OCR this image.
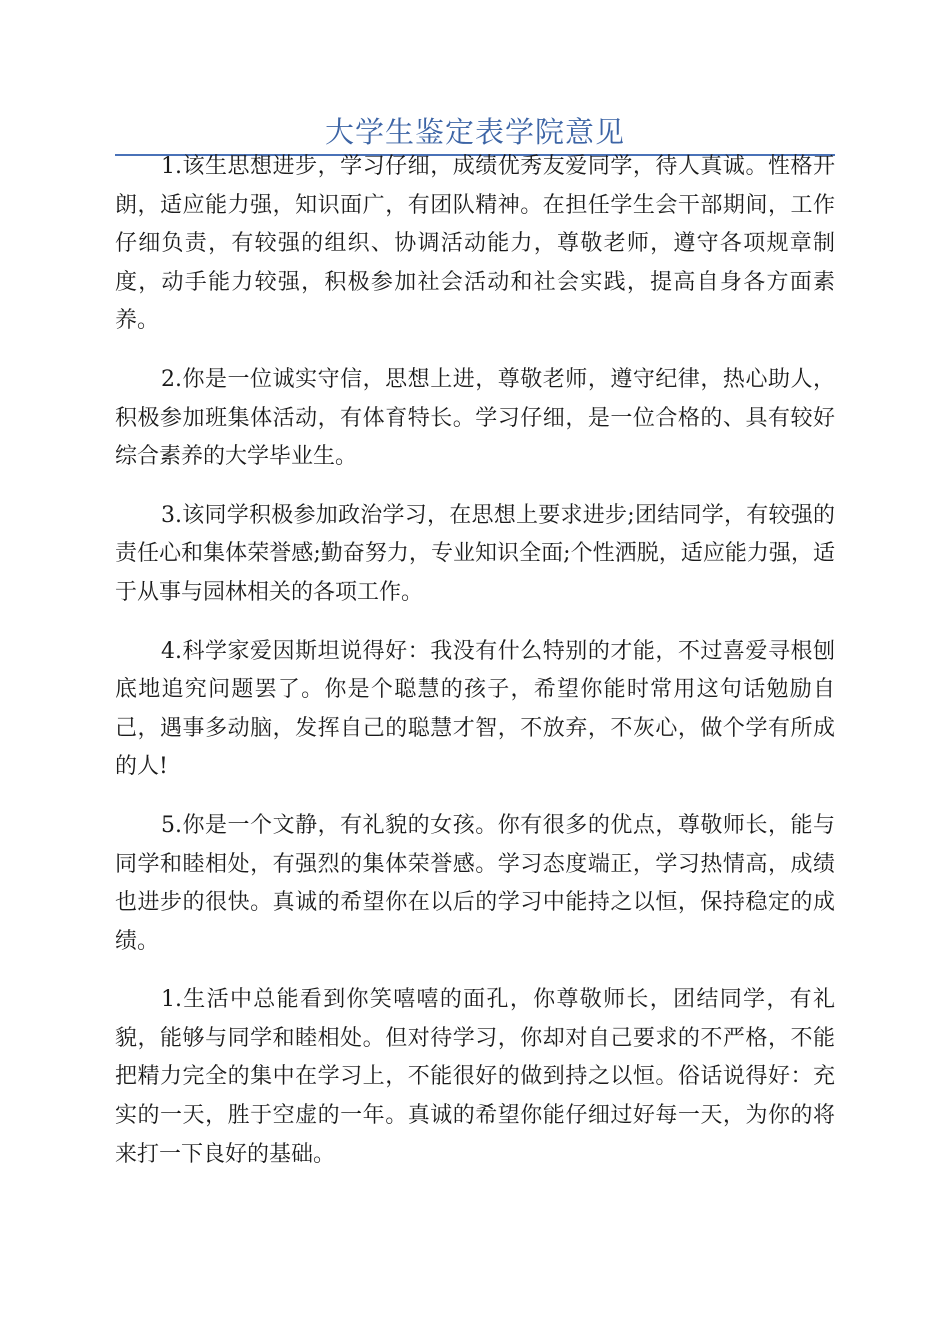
大学生鉴定表学院意见

1.该生思想进步，学习仔细，成绩优秀友爱同学，待人真诚。性格开朗，适应能力强，知识面广，有团队精神。在担任学生会干部期间，工作仔细负责，有较强的组织、协调活动能力，尊敬老师，遵守各项规章制度，动手能力较强，积极参加社会活动和社会实践，提高自身各方面素养。

2.你是一位诚实守信，思想上进，尊敬老师，遵守纪律，热心助人，积极参加班集体活动，有体育特长。学习仔细，是一位合格的、具有较好综合素养的大学毕业生。

3.该同学积极参加政治学习，在思想上要求进步;团结同学，有较强的责任心和集体荣誉感;勤奋努力，专业知识全面;个性洒脱，适应能力强，适于从事与园林相关的各项工作。

4.科学家爱因斯坦说得好：我没有什么特别的才能，不过喜爱寻根刨底地追究问题罢了。你是个聪慧的孩子，希望你能时常用这句话勉励自己，遇事多动脑，发挥自己的聪慧才智，不放弃，不灰心，做个学有所成的人!

5.你是一个文静，有礼貌的女孩。你有很多的优点，尊敬师长，能与同学和睦相处，有强烈的集体荣誉感。学习态度端正，学习热情高，成绩也进步的很快。真诚的希望你在以后的学习中能持之以恒，保持稳定的成绩。

1.生活中总能看到你笑嘻嘻的面孔，你尊敬师长，团结同学，有礼貌，能够与同学和睦相处。但对待学习，你却对自己要求的不严格，不能把精力完全的集中在学习上，不能很好的做到持之以恒。俗话说得好：充实的一天，胜于空虚的一年。真诚的希望你能仔细过好每一天，为你的将来打一下良好的基础。
